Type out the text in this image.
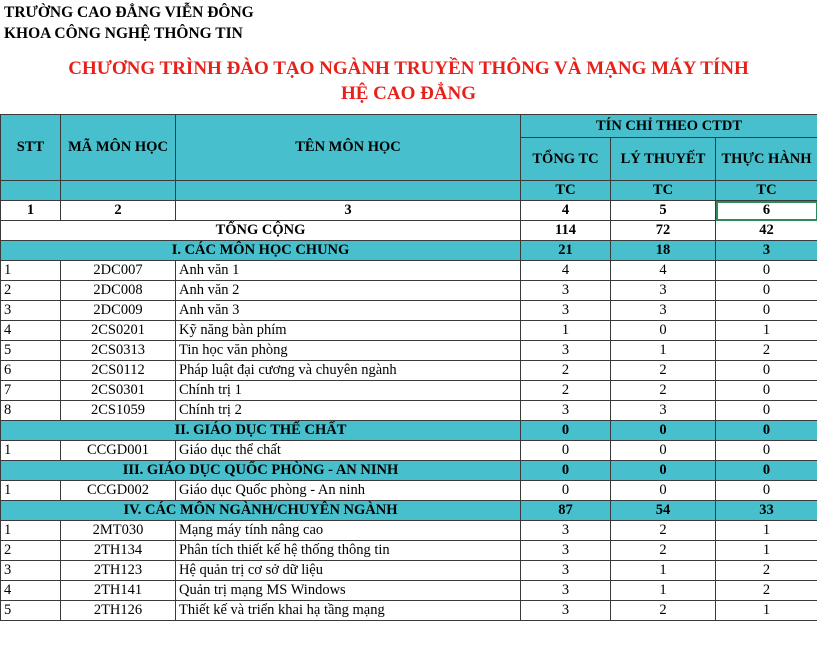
TRƯỜNG CAO ĐẲNG VIỄN ĐÔNG
KHOA CÔNG NGHỆ THÔNG TIN
CHƯƠNG TRÌNH ĐÀO TẠO NGÀNH TRUYỀN THÔNG VÀ MẠNG MÁY TÍNH
HỆ CAO ĐẲNG
STT	MÃ MÔN HỌC	TÊN MÔN HỌC	TÍN CHỈ THEO CTDT		
			TỔNG TC	LÝ THUYẾT	THỰC HÀNH
			TC	TC	TC
1	2	3	4	5	6
TỔNG CỘNG			114	72	42
I. CÁC MÔN HỌC CHUNG			21	18	3
1	2DC007	Anh văn 1	4	4	0
2	2DC008	Anh văn 2	3	3	0
3	2DC009	Anh văn 3	3	3	0
4	2CS0201	Kỹ năng bàn phím	1	0	1
5	2CS0313	Tin học văn phòng	3	1	2
6	2CS0112	Pháp luật đại cương và chuyên ngành	2	2	0
7	2CS0301	Chính trị 1	2	2	0
8	2CS1059	Chính trị 2	3	3	0
II. GIÁO DỤC THỂ CHẤT			0	0	0
1	CCGD001	Giáo dục thể chất	0	0	0
III. GIÁO DỤC QUỐC PHÒNG - AN NINH			0	0	0
1	CCGD002	Giáo dục Quốc phòng - An ninh	0	0	0
IV. CÁC MÔN NGÀNH/CHUYÊN NGÀNH			87	54	33
1	2MT030	Mạng máy tính nâng cao	3	2	1
2	2TH134	Phân tích thiết kế hệ thống thông tin	3	2	1
3	2TH123	Hệ quản trị cơ sở dữ liệu	3	1	2
4	2TH141	Quản trị mạng MS Windows	3	1	2
5	2TH126	Thiết kế và triển khai hạ tầng mạng	3	2	1
